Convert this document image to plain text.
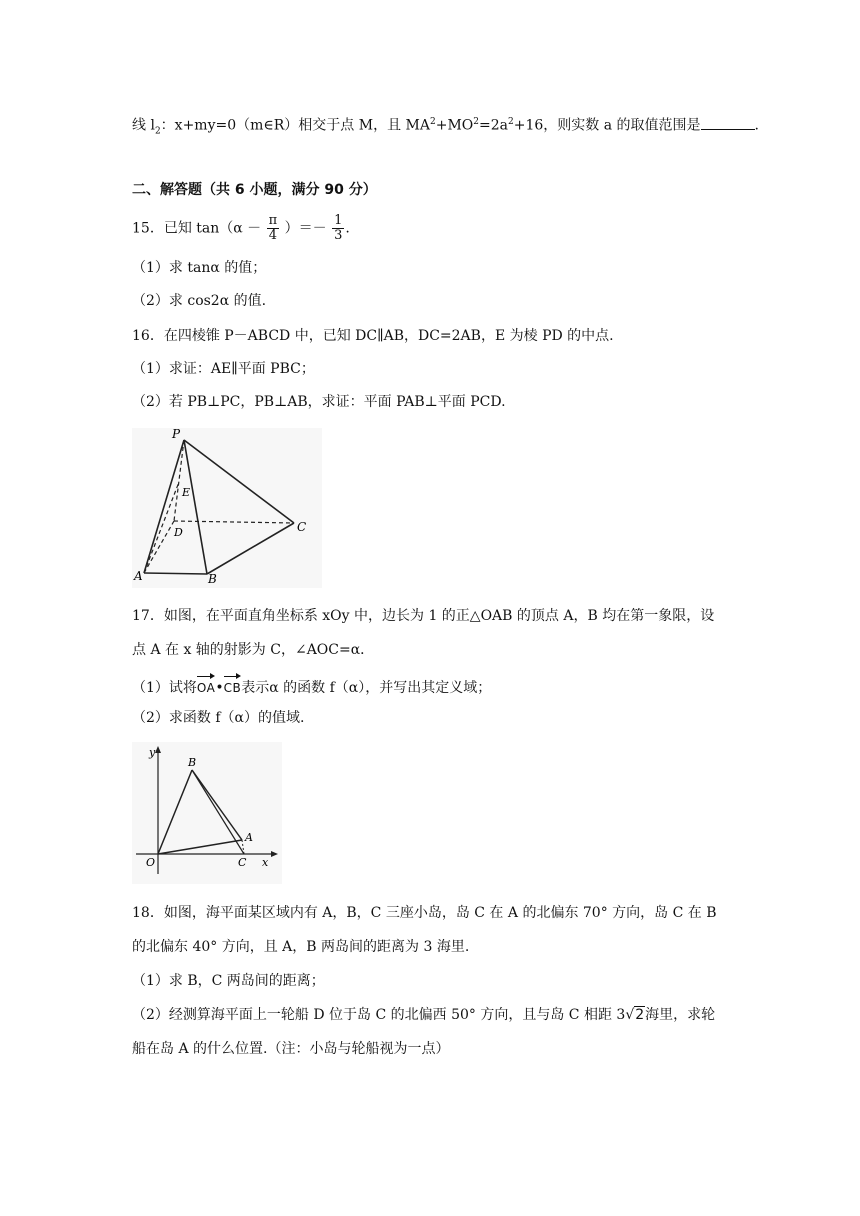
线 $l_2$：x+my=0（m∈R）相交于点 M，且 $MA^2+MO^2=2a^2+16$，则实数 a 的取值范围是	.
二、解答题（共 6 小题，满分 90 分）
15．已知 $\tan(\alpha - \frac{\pi}{4}$ ）＝－ $\frac{1}{3}$ .
（1）求 tanα 的值；
（2）求 cos2α 的值.
16．在四棱锥 P－ABCD 中，已知 DC∥AB，DC=2AB，E 为棱 PD 的中点.
（1）求证：AE∥平面 PBC；
（2）若 PB⊥PC，PB⊥AB，求证：平面 PAB⊥平面 PCD.
P
E
D	C
A	B
17．如图，在平面直角坐标系 xOy 中，边长为 1 的正△OAB 的顶点 A，B 均在第一象限，设
点 A 在 x 轴的射影为 C，∠AOC=α．
（1）试将OA•CB表示α 的函数 f（α），并写出其定义域；
（2）求函数 f（α）的值域.
y
x
O
B
A
C
18．如图，海平面某区域内有 A，B，C 三座小岛，岛 C 在 A 的北偏东 70° 方向，岛 C 在 B
的北偏东 40° 方向，且 A，B 两岛间的距离为 3 海里.
（1）求 B，C 两岛间的距离；
（2）经测算海平面上一轮船 D 位于岛 C 的北偏西 50° 方向，且与岛 C 相距 3√2海里，求轮
船在岛 A 的什么位置.（注：小岛与轮船视为一点）
